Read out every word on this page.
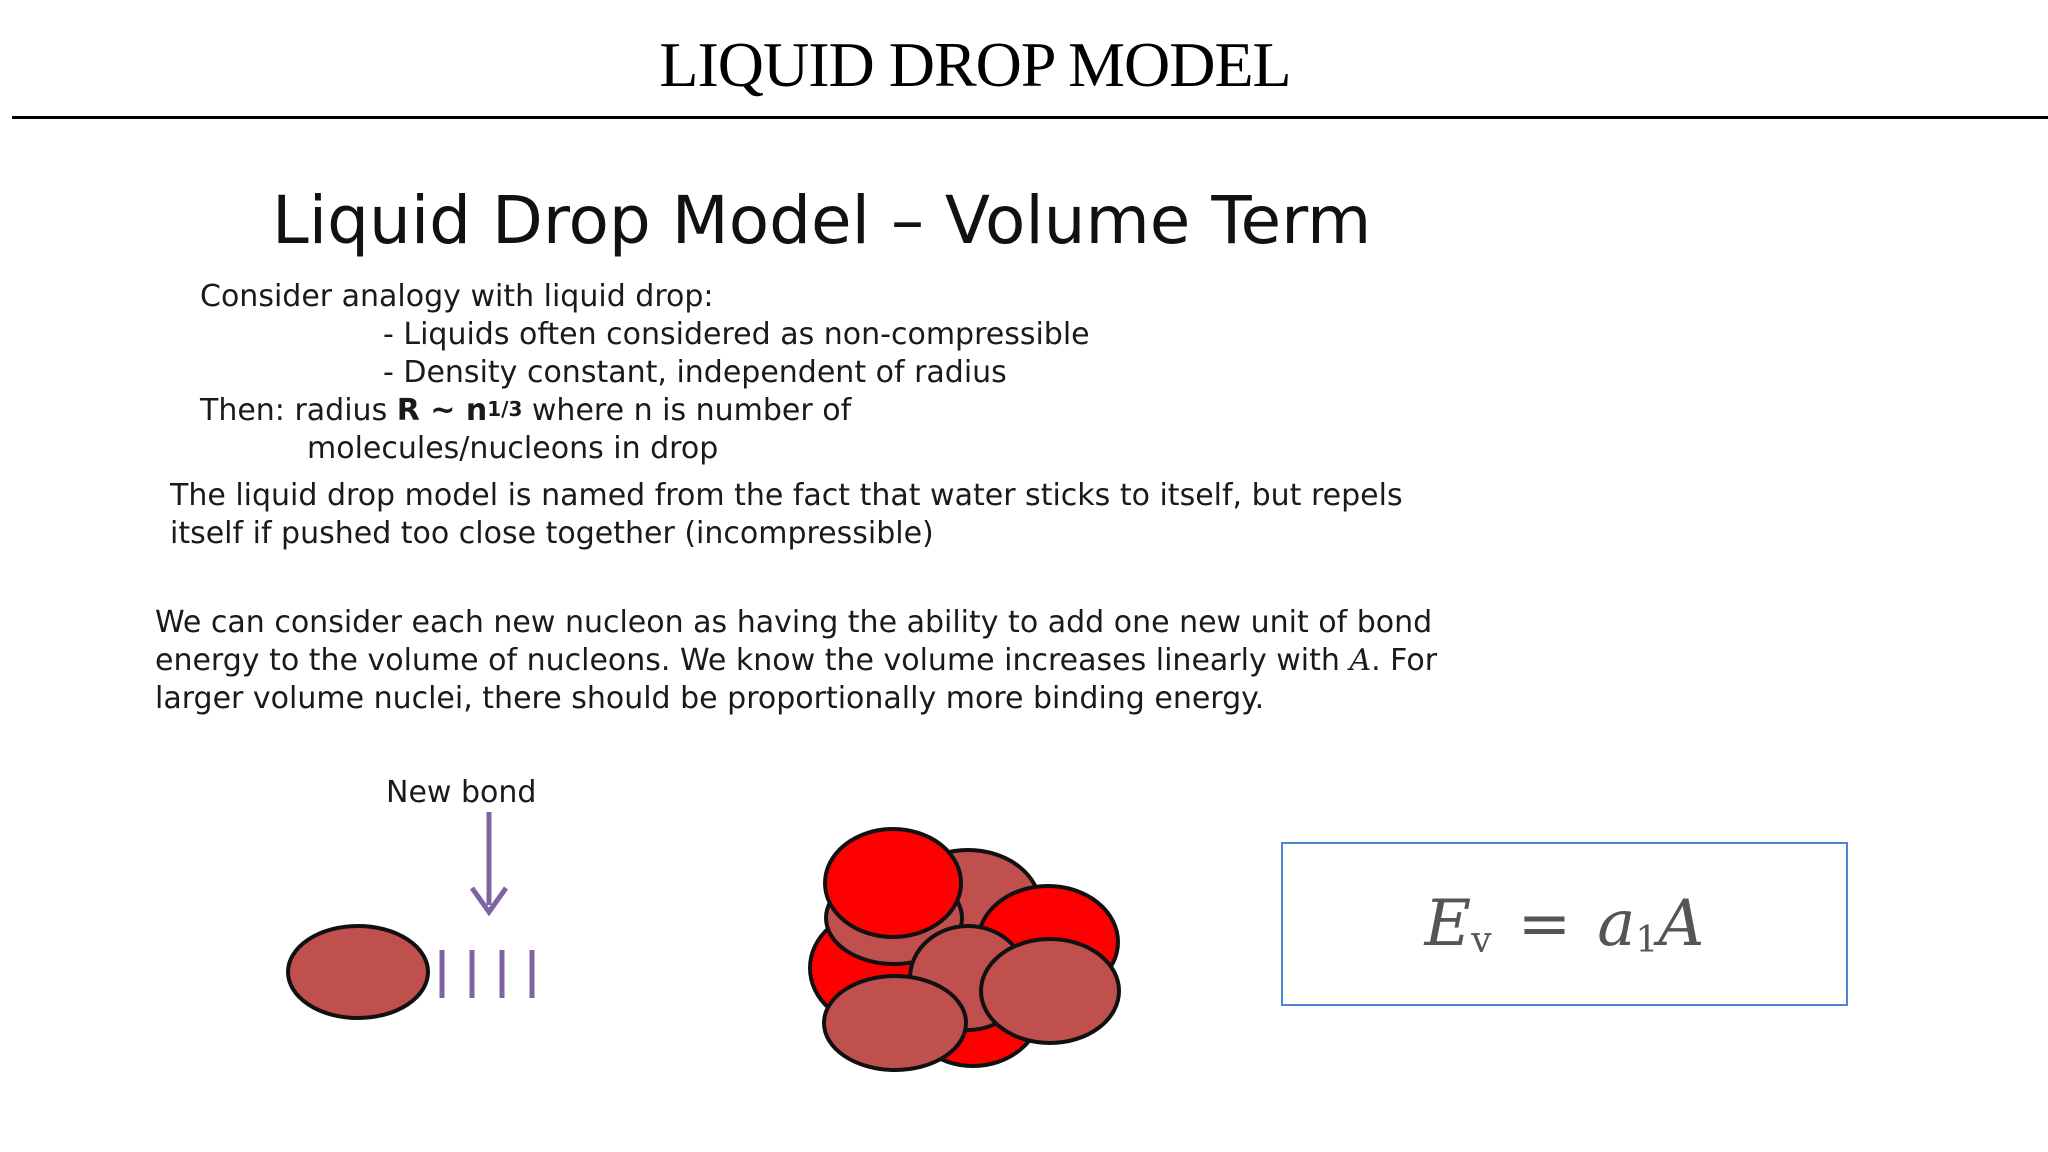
LIQUID DROP MODEL
Liquid Drop Model – Volume Term
Consider analogy with liquid drop:
- Liquids often considered as non-compressible
- Density constant, independent of radius
Then: radius R ~ $n^{1/3}$ where n is number of
molecules/nucleons in drop
The liquid drop model is named from the fact that water sticks to itself, but repels
itself if pushed too close together (incompressible)
We can consider each new nucleon as having the ability to add one new unit of bond
energy to the volume of nucleons. We know the volume increases linearly with A. For
larger volume nuclei, there should be proportionally more binding energy.
New bond
E v = a 1 A
